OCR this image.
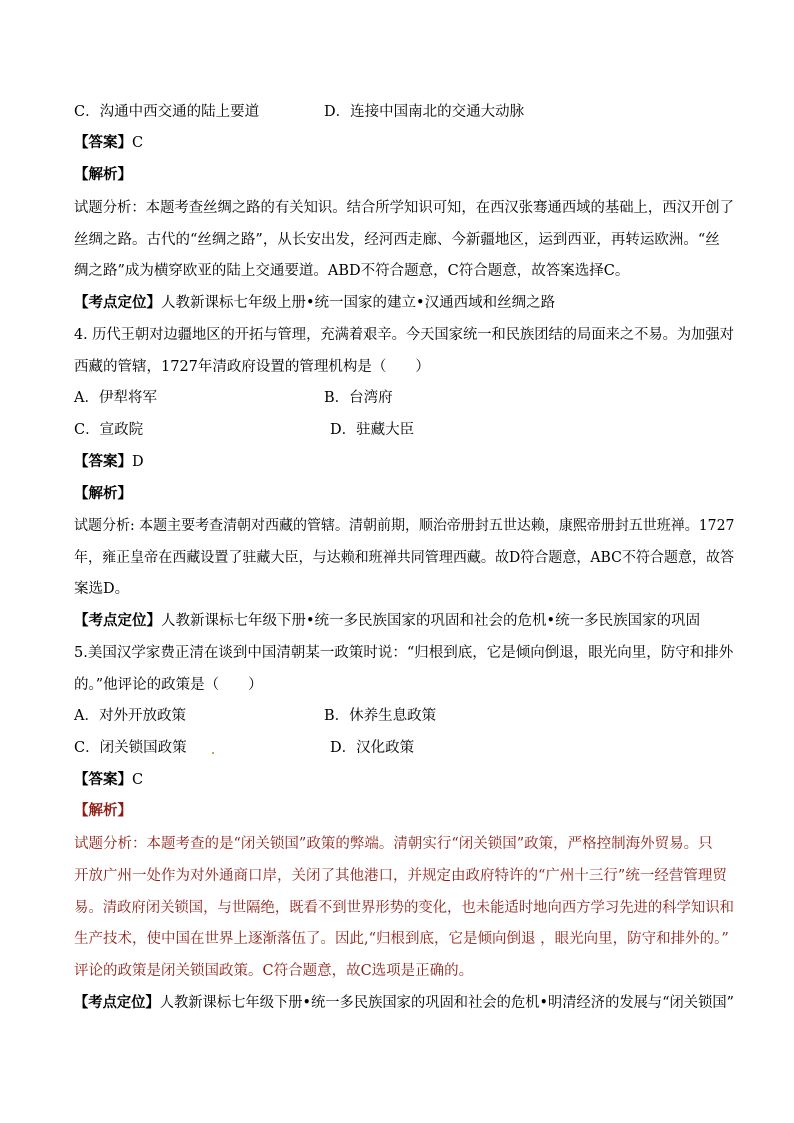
C．沟通中西交通的陆上要道	D．连接中国南北的交通大动脉
【答案】C
【解析】
试题分析：本题考查丝绸之路的有关知识。结合所学知识可知，在西汉张骞通西域的基础上，西汉开创了
丝绸之路。古代的“丝绸之路”，从长安出发，经河西走廊、今新疆地区，运到西亚，再转运欧洲。“丝
绸之路”成为横穿欧亚的陆上交通要道。ABD不符合题意，C符合题意，故答案选择C。
【考点定位】人教新课标七年级上册•统一国家的建立•汉通西域和丝绸之路
4. 历代王朝对边疆地区的开拓与管理，充满着艰辛。今天国家统一和民族团结的局面来之不易。为加强对
西藏的管辖，1727年清政府设置的管理机构是（　　）
A．伊犁将军	B．台湾府
C．宣政院	D．驻藏大臣
【答案】D
【解析】
试题分析: 本题主要考查清朝对西藏的管辖。清朝前期，顺治帝册封五世达赖，康熙帝册封五世班禅。1727
年，雍正皇帝在西藏设置了驻藏大臣，与达赖和班禅共同管理西藏。故D符合题意，ABC不符合题意，故答
案选D。
【考点定位】人教新课标七年级下册•统一多民族国家的巩固和社会的危机•统一多民族国家的巩固
5.美国汉学家费正清在谈到中国清朝某一政策时说：“归根到底，它是倾向倒退，眼光向里，防守和排外
的。”他评论的政策是（　　）
A．对外开放政策	B．休养生息政策
C．闭关锁国政策	D．汉化政策
【答案】C
【解析】
试题分析：本题考查的是“闭关锁国”政策的弊端。清朝实行“闭关锁国”政策，严格控制海外贸易。只
开放广州一处作为对外通商口岸，关闭了其他港口，并规定由政府特许的“广州十三行”统一经营管理贸
易。清政府闭关锁国，与世隔绝，既看不到世界形势的变化，也未能适时地向西方学习先进的科学知识和
生产技术，使中国在世界上逐渐落伍了。因此,“归根到底，它是倾向倒退 ，眼光向里，防守和排外的。”
评论的政策是闭关锁国政策。C符合题意，故C选项是正确的。
【考点定位】人教新课标七年级下册•统一多民族国家的巩固和社会的危机•明清经济的发展与“闭关锁国”
